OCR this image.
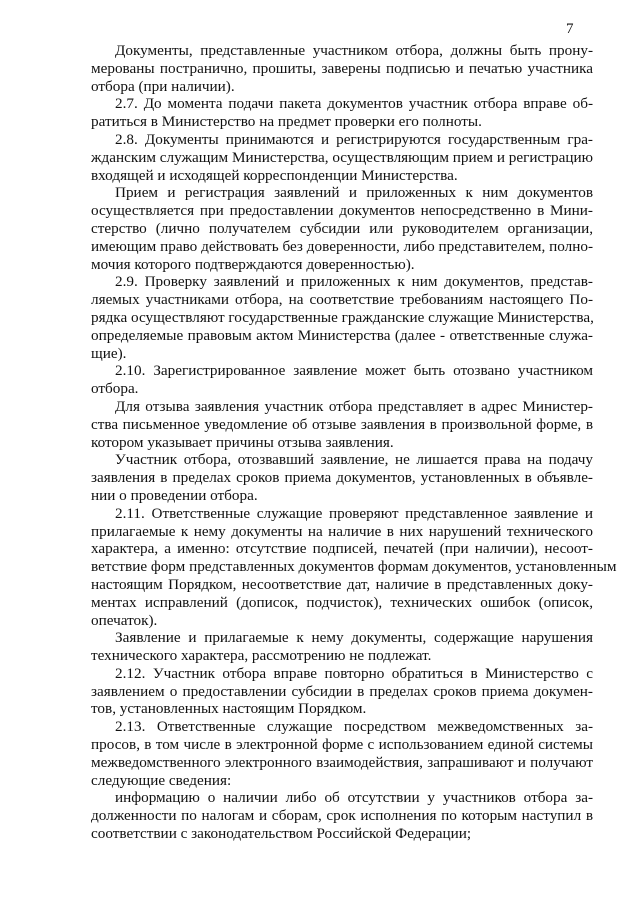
7
Документы, представленные участником отбора, должны быть прону-
мерованы постранично, прошиты, заверены подписью и печатью участника
отбора (при наличии).
2.7. До момента подачи пакета документов участник отбора вправе об-
ратиться в Министерство на предмет проверки его полноты.
2.8. Документы принимаются и регистрируются государственным гра-
жданским служащим Министерства, осуществляющим прием и регистрацию
входящей и исходящей корреспонденции Министерства.
Прием и регистрация заявлений и приложенных к ним документов
осуществляется при предоставлении документов непосредственно в Мини-
стерство (лично получателем субсидии или руководителем организации,
имеющим право действовать без доверенности, либо представителем, полно-
мочия которого подтверждаются доверенностью).
2.9. Проверку заявлений и приложенных к ним документов, представ-
ляемых участниками отбора, на соответствие требованиям настоящего По-
рядка осуществляют государственные гражданские служащие Министерства,
определяемые правовым актом Министерства (далее - ответственные служа-
щие).
2.10. Зарегистрированное заявление может быть отозвано участником
отбора.
Для отзыва заявления участник отбора представляет в адрес Министер-
ства письменное уведомление об отзыве заявления в произвольной форме, в
котором указывает причины отзыва заявления.
Участник отбора, отозвавший заявление, не лишается права на подачу
заявления в пределах сроков приема документов, установленных в объявле-
нии о проведении отбора.
2.11. Ответственные служащие проверяют представленное заявление и
прилагаемые к нему документы на наличие в них нарушений технического
характера, а именно: отсутствие подписей, печатей (при наличии), несоот-
ветствие форм представленных документов формам документов, установленным
настоящим Порядком, несоответствие дат, наличие в представленных доку-
ментах исправлений (дописок, подчисток), технических ошибок (описок,
опечаток).
Заявление и прилагаемые к нему документы, содержащие нарушения
технического характера, рассмотрению не подлежат.
2.12. Участник отбора вправе повторно обратиться в Министерство с
заявлением о предоставлении субсидии в пределах сроков приема докумен-
тов, установленных настоящим Порядком.
2.13. Ответственные служащие посредством межведомственных за-
просов, в том числе в электронной форме с использованием единой системы
межведомственного электронного взаимодействия, запрашивают и получают
следующие сведения:
информацию о наличии либо об отсутствии у участников отбора за-
долженности по налогам и сборам, срок исполнения по которым наступил в
соответствии с законодательством Российской Федерации;
